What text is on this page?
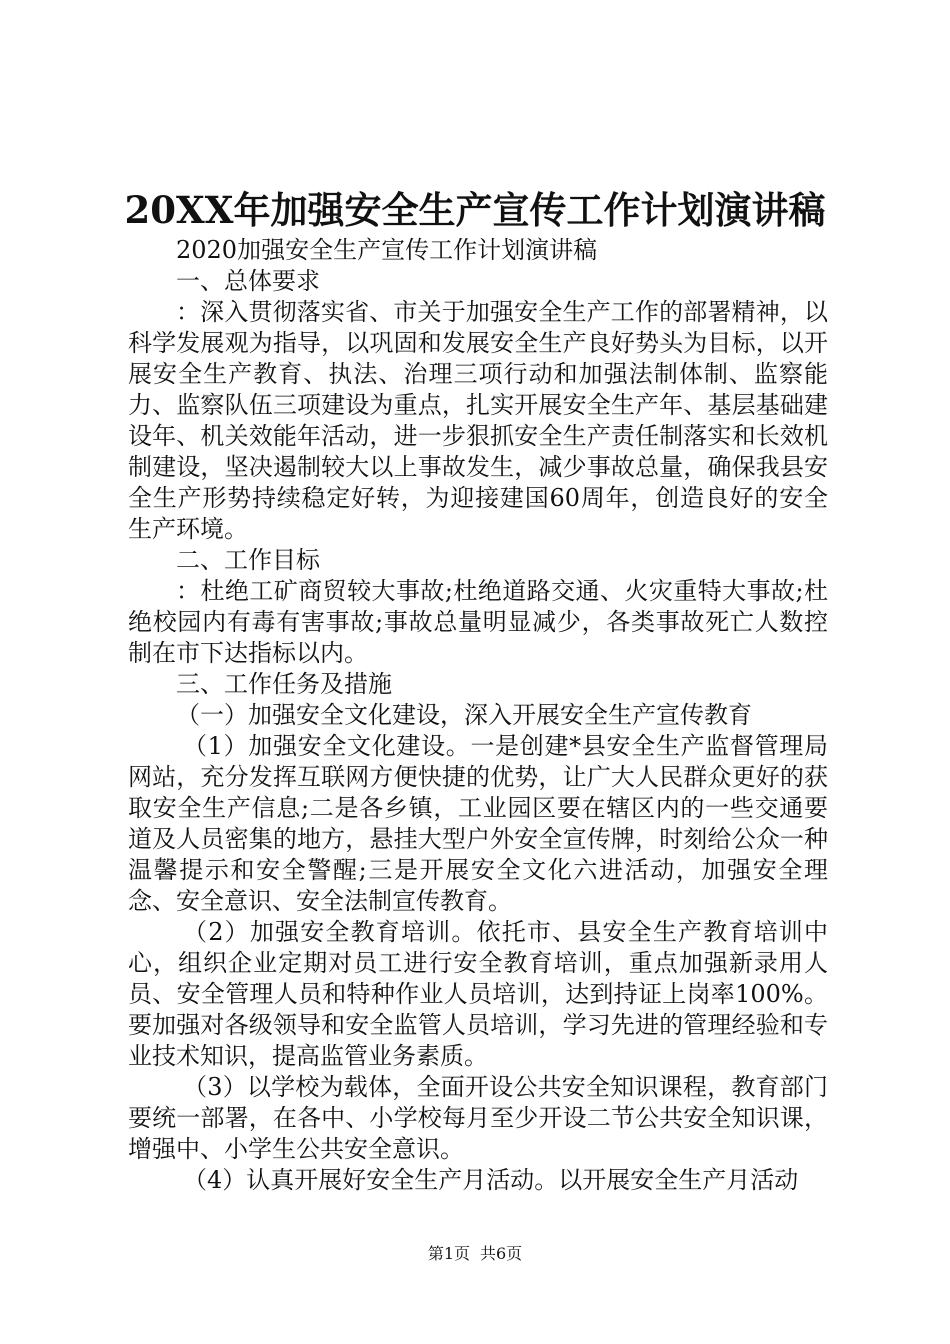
20XX年加强安全生产宣传工作计划演讲稿

2020加强安全生产宣传工作计划演讲稿

一、总体要求

：深入贯彻落实省、市关于加强安全生产工作的部署精神，以科学发展观为指导，以巩固和发展安全生产良好势头为目标，以开展安全生产教育、执法、治理三项行动和加强法制体制、监察能力、监察队伍三项建设为重点，扎实开展安全生产年、基层基础建设年、机关效能年活动，进一步狠抓安全生产责任制落实和长效机制建设，坚决遏制较大以上事故发生，减少事故总量，确保我县安全生产形势持续稳定好转，为迎接建国60周年，创造良好的安全生产环境。

二、工作目标

：杜绝工矿商贸较大事故;杜绝道路交通、火灾重特大事故;杜绝校园内有毒有害事故;事故总量明显减少，各类事故死亡人数控制在市下达指标以内。

三、工作任务及措施

（一）加强安全文化建设，深入开展安全生产宣传教育

（1）加强安全文化建设。一是创建*县安全生产监督管理局网站，充分发挥互联网方便快捷的优势，让广大人民群众更好的获取安全生产信息;二是各乡镇，工业园区要在辖区内的一些交通要道及人员密集的地方，悬挂大型户外安全宣传牌，时刻给公众一种温馨提示和安全警醒;三是开展安全文化六进活动，加强安全理念、安全意识、安全法制宣传教育。

（2）加强安全教育培训。依托市、县安全生产教育培训中心，组织企业定期对员工进行安全教育培训，重点加强新录用人员、安全管理人员和特种作业人员培训，达到持证上岗率100%。要加强对各级领导和安全监管人员培训，学习先进的管理经验和专业技术知识，提高监管业务素质。

（3）以学校为载体，全面开设公共安全知识课程，教育部门要统一部署，在各中、小学校每月至少开设二节公共安全知识课，增强中、小学生公共安全意识。

（4）认真开展好安全生产月活动。以开展安全生产月活动

第1页 共6页
